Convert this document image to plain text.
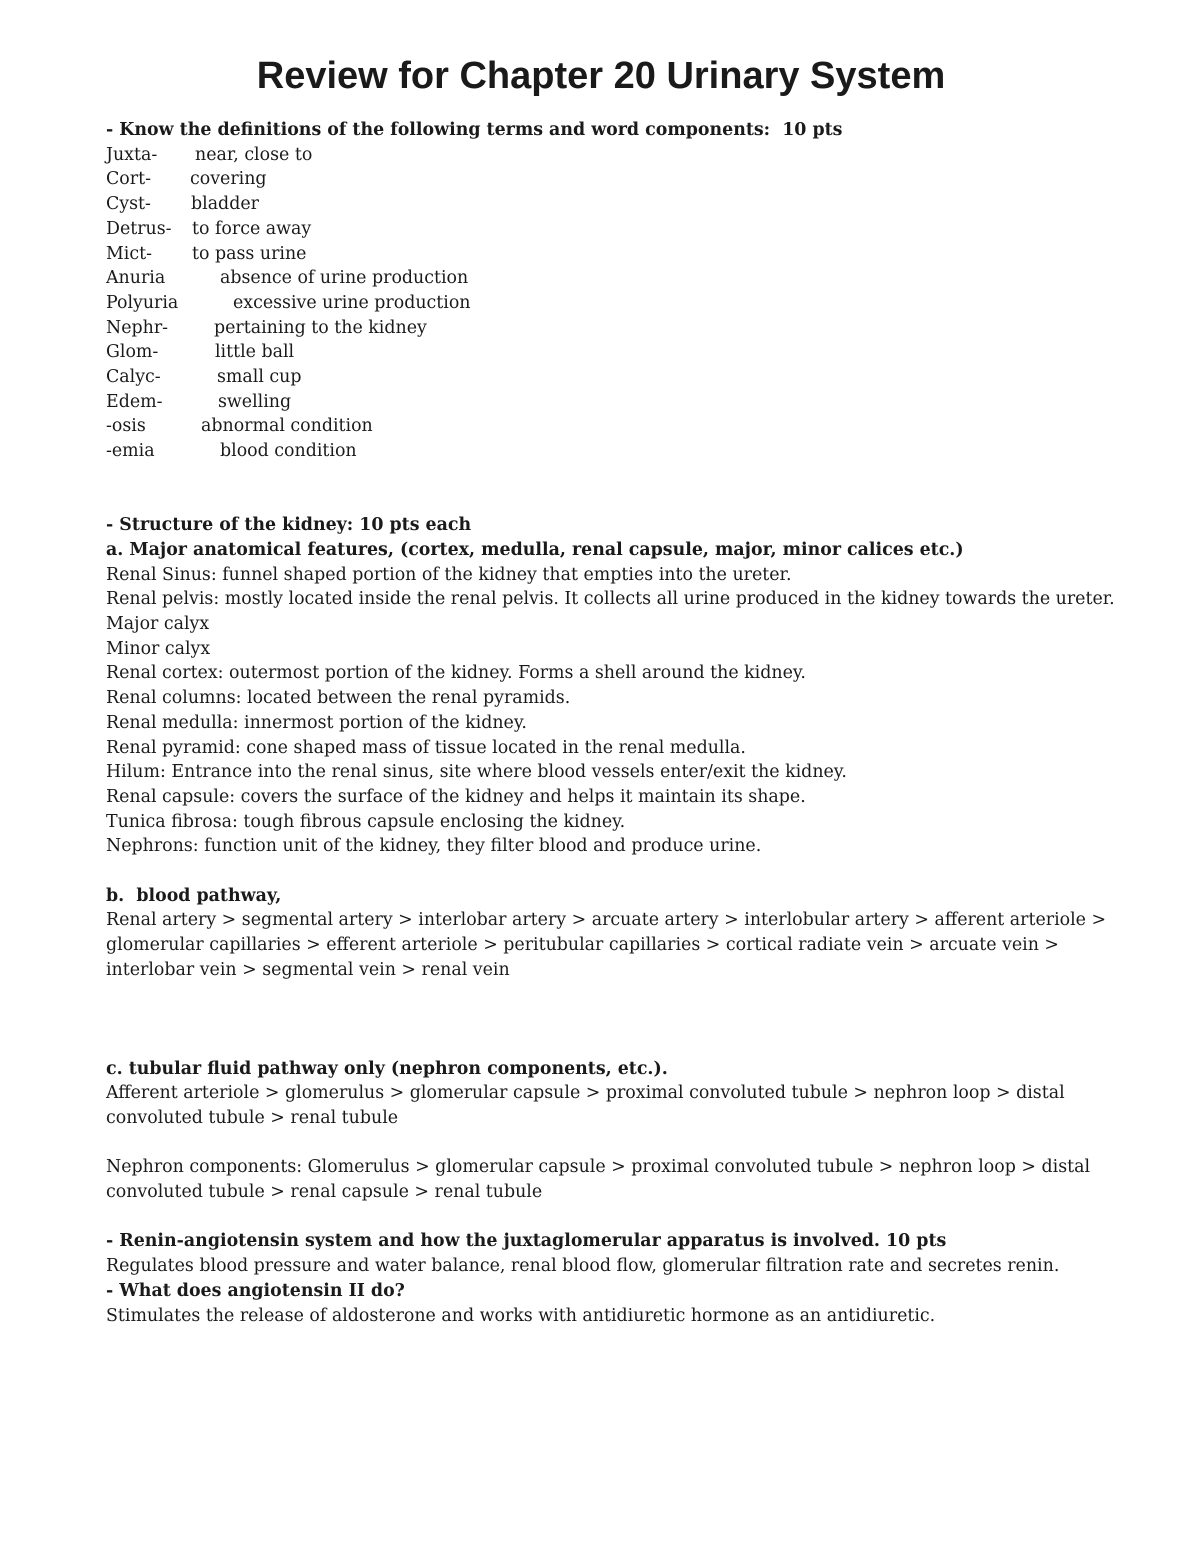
Review for Chapter 20 Urinary System

- Know the definitions of the following terms and word components:  10 pts

Juxta-	near, close to
Cort-	covering
Cyst-	bladder
Detrus-	to force away
Mict-	to pass urine
Anuria	absence of urine production
Polyuria	excessive urine production
Nephr-	pertaining to the kidney
Glom-	little ball
Calyc-	small cup
Edem-	swelling
-osis	abnormal condition
-emia	blood condition

- Structure of the kidney: 10 pts each

a. Major anatomical features, (cortex, medulla, renal capsule, major, minor calices etc.)

Renal Sinus: funnel shaped portion of the kidney that empties into the ureter.

Renal pelvis: mostly located inside the renal pelvis. It collects all urine produced in the kidney towards the ureter.

Major calyx

Minor calyx

Renal cortex: outermost portion of the kidney. Forms a shell around the kidney.

Renal columns: located between the renal pyramids.

Renal medulla: innermost portion of the kidney.

Renal pyramid: cone shaped mass of tissue located in the renal medulla.

Hilum: Entrance into the renal sinus, site where blood vessels enter/exit the kidney.

Renal capsule: covers the surface of the kidney and helps it maintain its shape.

Tunica fibrosa: tough fibrous capsule enclosing the kidney.

Nephrons: function unit of the kidney, they filter blood and produce urine.

b.  blood pathway,

Renal artery > segmental artery > interlobar artery > arcuate artery > interlobular artery > afferent arteriole > glomerular capillaries > efferent arteriole > peritubular capillaries > cortical radiate vein > arcuate vein > interlobar vein > segmental vein > renal vein

c. tubular fluid pathway only (nephron components, etc.).

Afferent arteriole > glomerulus > glomerular capsule > proximal convoluted tubule > nephron loop > distal convoluted tubule > renal tubule

Nephron components: Glomerulus > glomerular capsule > proximal convoluted tubule > nephron loop > distal convoluted tubule > renal capsule > renal tubule

- Renin-angiotensin system and how the juxtaglomerular apparatus is involved. 10 pts

Regulates blood pressure and water balance, renal blood flow, glomerular filtration rate and secretes renin.

- What does angiotensin II do?

Stimulates the release of aldosterone and works with antidiuretic hormone as an antidiuretic.
